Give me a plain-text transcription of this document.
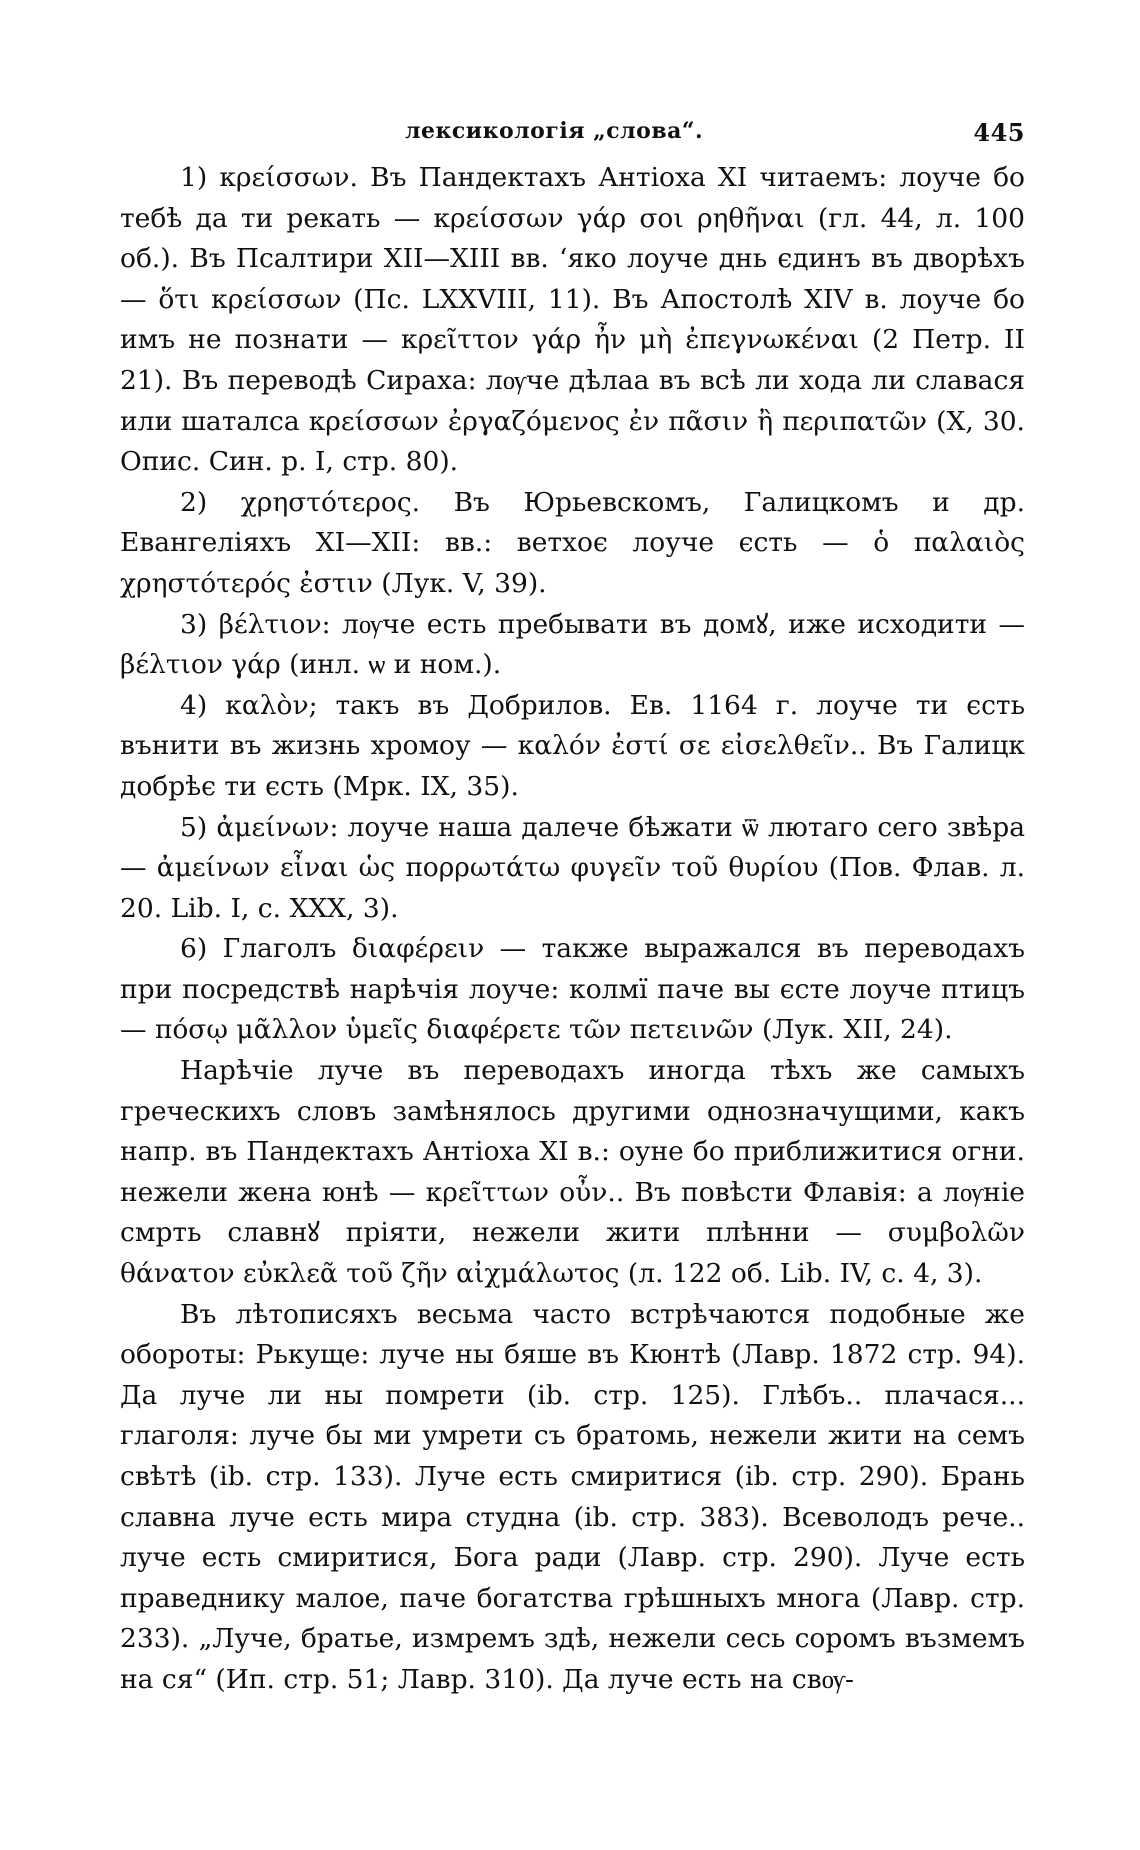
лексикологія „слова“.	445

1) κρείσσων. Въ Пандектахъ Антіоха XI читаемъ: лоуче бо тебѣ да ти рекать — κρείσσων γάρ σοι ρηθῆναι (гл. 44, л. 100 об.). Въ Псалтири XII—XIII вв. ‘яко лоуче днь єдинъ въ дворѣхъ — ὅτι κρείσσων (Пс. LXXVIII, 11). Въ Апостолѣ XIV в. лоуче бо имъ не познати — κρεῖττον γάρ ἦν μὴ ἐπεγνωκέναι (2 Петр. II 21). Въ переводѣ Сираха: лѹче дѣлаа въ всѣ ли хода ли славася или шаталса κρείσσων ἐργαζόμενος ἐν πᾶσιν ἢ περιπατῶν (X, 30. Опис. Син. р. I, стр. 80).

2) χρηστότερος. Въ Юрьевскомъ, Галицкомъ и др. Евангеліяхъ XI—XII: вв.: ветхоє лоуче єсть — ὁ παλαιὸς χρηστότερός ἐστιν (Лук. V, 39).

3) βέλτιον: лѹче есть пребывати въ домꙋ, иже исходити — βέλτιον γάρ (инл. ѡ и ном.).

4) καλὸν; такъ въ Добрилов. Ев. 1164 г. лоуче ти єсть вънити въ жизнь хромоу — καλόν ἐστί σε εἰσελθεῖν.. Въ Галицк добрѣє ти єсть (Мрк. IX, 35).

5) ἀμείνων: лоуче наша далече бѣжати ѿ лютаго сего звѣра — ἀμείνων εἶναι ὡς πορρωτάτω φυγεῖν τοῦ θυρίου (Пов. Флав. л. 20. Lib. I, с. XXX, 3).

6) Глаголъ διαφέρειν — также выражался въ переводахъ при посредствѣ нарѣчія лоуче: колмї паче вы єсте лоуче птицъ — πόσῳ μᾶλλον ὑμεῖς διαφέρετε τῶν πετεινῶν (Лук. XII, 24).

Нарѣчіе луче въ переводахъ иногда тѣхъ же самыхъ греческихъ словъ замѣнялось другими однозначущими, какъ напр. въ Пандектахъ Антіоха XI в.: оуне бо приближитися огни. нежели жена юнѣ — κρεῖττων οὖν.. Въ повѣсти Флавія: а лѹніе смрть славнꙋ пріяти, нежели жити плѣнни — συμβολῶν θάνατον εὐκλεᾶ τοῦ ζῆν αἰχμάλωτος (л. 122 об. Lib. IV, с. 4, 3).

Въ лѣтописяхъ весьма часто встрѣчаются подобные же обороты: Рькуще: луче ны бяше въ Кюнтѣ (Лавр. 1872 стр. 94). Да луче ли ны помрети (ib. стр. 125). Глѣбъ.. плачася... глаголя: луче бы ми умрети съ братомь, нежели жити на семъ свѣтѣ (ib. стр. 133). Луче есть смиритися (ib. стр. 290). Брань славна луче есть мира студна (ib. стр. 383). Всеволодъ рече.. луче есть смиритися, Бога ради (Лавр. стр. 290). Луче есть праведнику малое, паче богатства грѣшныхъ многа (Лавр. стр. 233). „Луче, братье, измремъ здѣ, нежели сесь соромъ възмемъ на ся“ (Ип. стр. 51; Лавр. 310). Да луче есть на свѹ-
